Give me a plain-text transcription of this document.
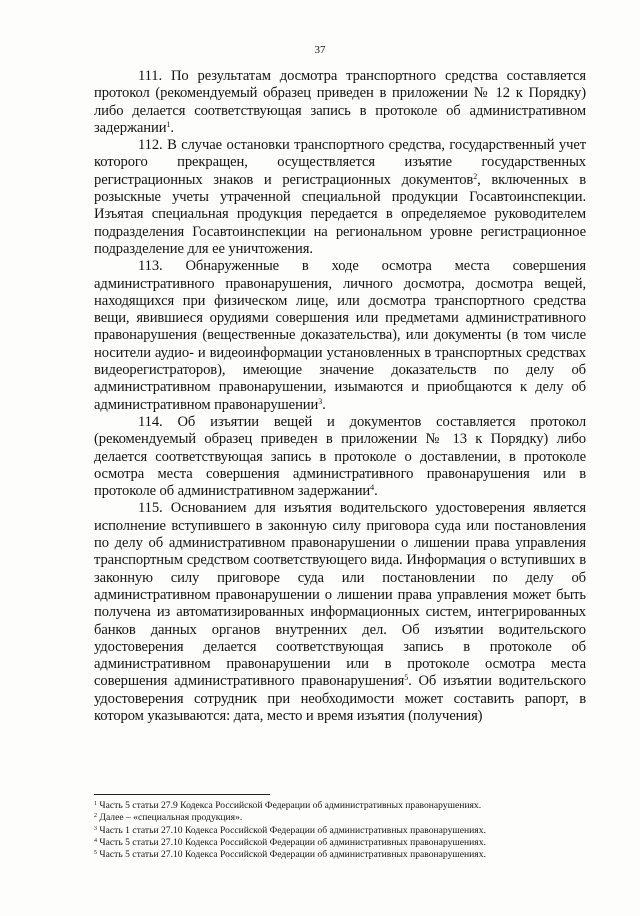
37

111. По результатам досмотра транспортного средства составляется протокол (рекомендуемый образец приведен в приложении № 12 к Порядку) либо делается соответствующая запись в протоколе об административном задержании$^1$.

112. В случае остановки транспортного средства, государственный учет которого прекращен, осуществляется изъятие государственных регистрационных знаков и регистрационных документов$^2$, включенных в розыскные учеты утраченной специальной продукции Госавтоинспекции. Изъятая специальная продукция передается в определяемое руководителем подразделения Госавтоинспекции на региональном уровне регистрационное подразделение для ее уничтожения.

113. Обнаруженные в ходе осмотра места совершения административного правонарушения, личного досмотра, досмотра вещей, находящихся при физическом лице, или досмотра транспортного средства вещи, явившиеся орудиями совершения или предметами административного правонарушения (вещественные доказательства), или документы (в том числе носители аудио- и видеоинформации установленных в транспортных средствах видеорегистраторов), имеющие значение доказательств по делу об административном правонарушении, изымаются и приобщаются к делу об административном правонарушении$^3$.

114. Об изъятии вещей и документов составляется протокол (рекомендуемый образец приведен в приложении № 13 к Порядку) либо делается соответствующая запись в протоколе о доставлении, в протоколе осмотра места совершения административного правонарушения или в протоколе об административном задержании$^4$.

115. Основанием для изъятия водительского удостоверения является исполнение вступившего в законную силу приговора суда или постановления по делу об административном правонарушении о лишении права управления транспортным средством соответствующего вида. Информация о вступивших в законную силу приговоре суда или постановлении по делу об административном правонарушении о лишении права управления может быть получена из автоматизированных информационных систем, интегрированных банков данных органов внутренних дел. Об изъятии водительского удостоверения делается соответствующая запись в протоколе об административном правонарушении или в протоколе осмотра места совершения административного правонарушения$^5$. Об изъятии водительского удостоверения сотрудник при необходимости может составить рапорт, в котором указываются: дата, место и время изъятия (получения)

$^1$ Часть 5 статьи 27.9 Кодекса Российской Федерации об административных правонарушениях.
$^2$ Далее – «специальная продукция».
$^3$ Часть 1 статьи 27.10 Кодекса Российской Федерации об административных правонарушениях.
$^4$ Часть 5 статьи 27.10 Кодекса Российской Федерации об административных правонарушениях.
$^5$ Часть 5 статьи 27.10 Кодекса Российской Федерации об административных правонарушениях.
